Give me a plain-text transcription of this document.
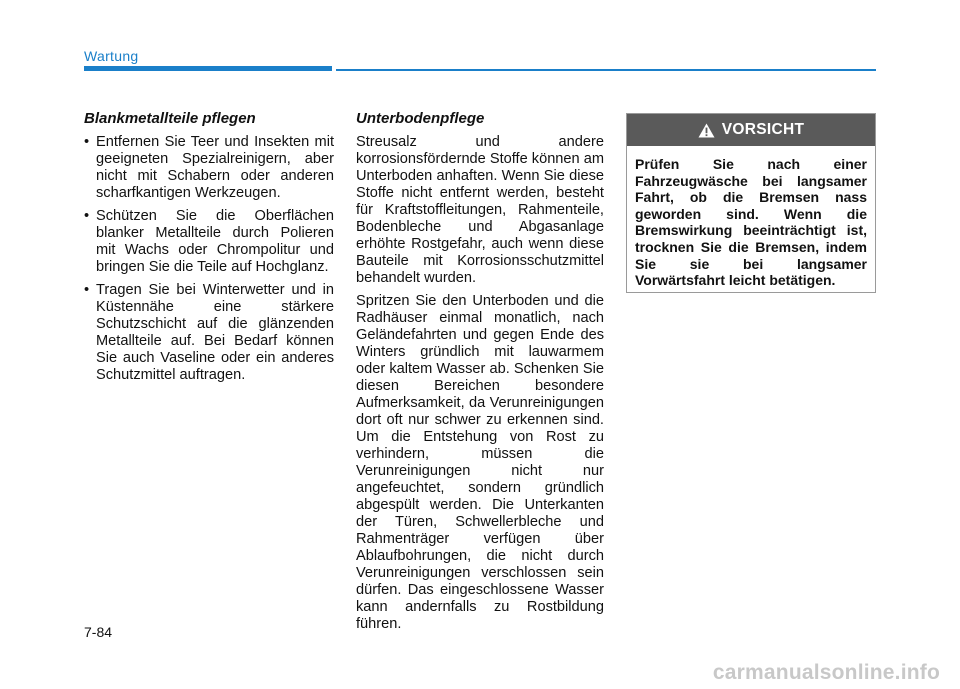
Wartung
Blankmetallteile pflegen
• Entfernen Sie Teer und Insekten mit geeigneten Spezialreinigern, aber nicht mit Schabern oder anderen scharfkantigen Werkzeugen.
• Schützen Sie die Oberflächen blanker Metallteile durch Polieren mit Wachs oder Chrompolitur und bringen Sie die Teile auf Hochglanz.
• Tragen Sie bei Winterwetter und in Küstennähe eine stärkere Schutzschicht auf die glänzenden Metallteile auf. Bei Bedarf können Sie auch Vaseline oder ein anderes Schutzmittel auftragen.
Unterbodenpflege

Streusalz und andere korrosionsfördernde Stoffe können am Unterboden anhaften. Wenn Sie diese Stoffe nicht entfernt werden, besteht für Kraftstoffleitungen, Rahmenteile, Bodenbleche und Abgasanlage erhöhte Rostgefahr, auch wenn diese Bauteile mit Korrosionsschutzmittel behandelt wurden.

Spritzen Sie den Unterboden und die Radhäuser einmal monatlich, nach Geländefahrten und gegen Ende des Winters gründlich mit lauwarmem oder kaltem Wasser ab. Schenken Sie diesen Bereichen besondere Aufmerksamkeit, da Verunreinigungen dort oft nur schwer zu erkennen sind. Um die Entstehung von Rost zu verhindern, müssen die Verunreinigungen nicht nur angefeuchtet, sondern gründlich abgespült werden. Die Unterkanten der Türen, Schwellerbleche und Rahmenträger verfügen über Ablaufbohrungen, die nicht durch Verunreinigungen verschlossen sein dürfen. Das eingeschlossene Wasser kann andernfalls zu Rostbildung führen.

VORSICHT
Prüfen Sie nach einer Fahrzeugwäsche bei langsamer Fahrt, ob die Bremsen nass geworden sind. Wenn die Bremswirkung beeinträchtigt ist, trocknen Sie die Bremsen, indem Sie sie bei langsamer Vorwärtsfahrt leicht betätigen.
7-84
carmanualsonline.info
